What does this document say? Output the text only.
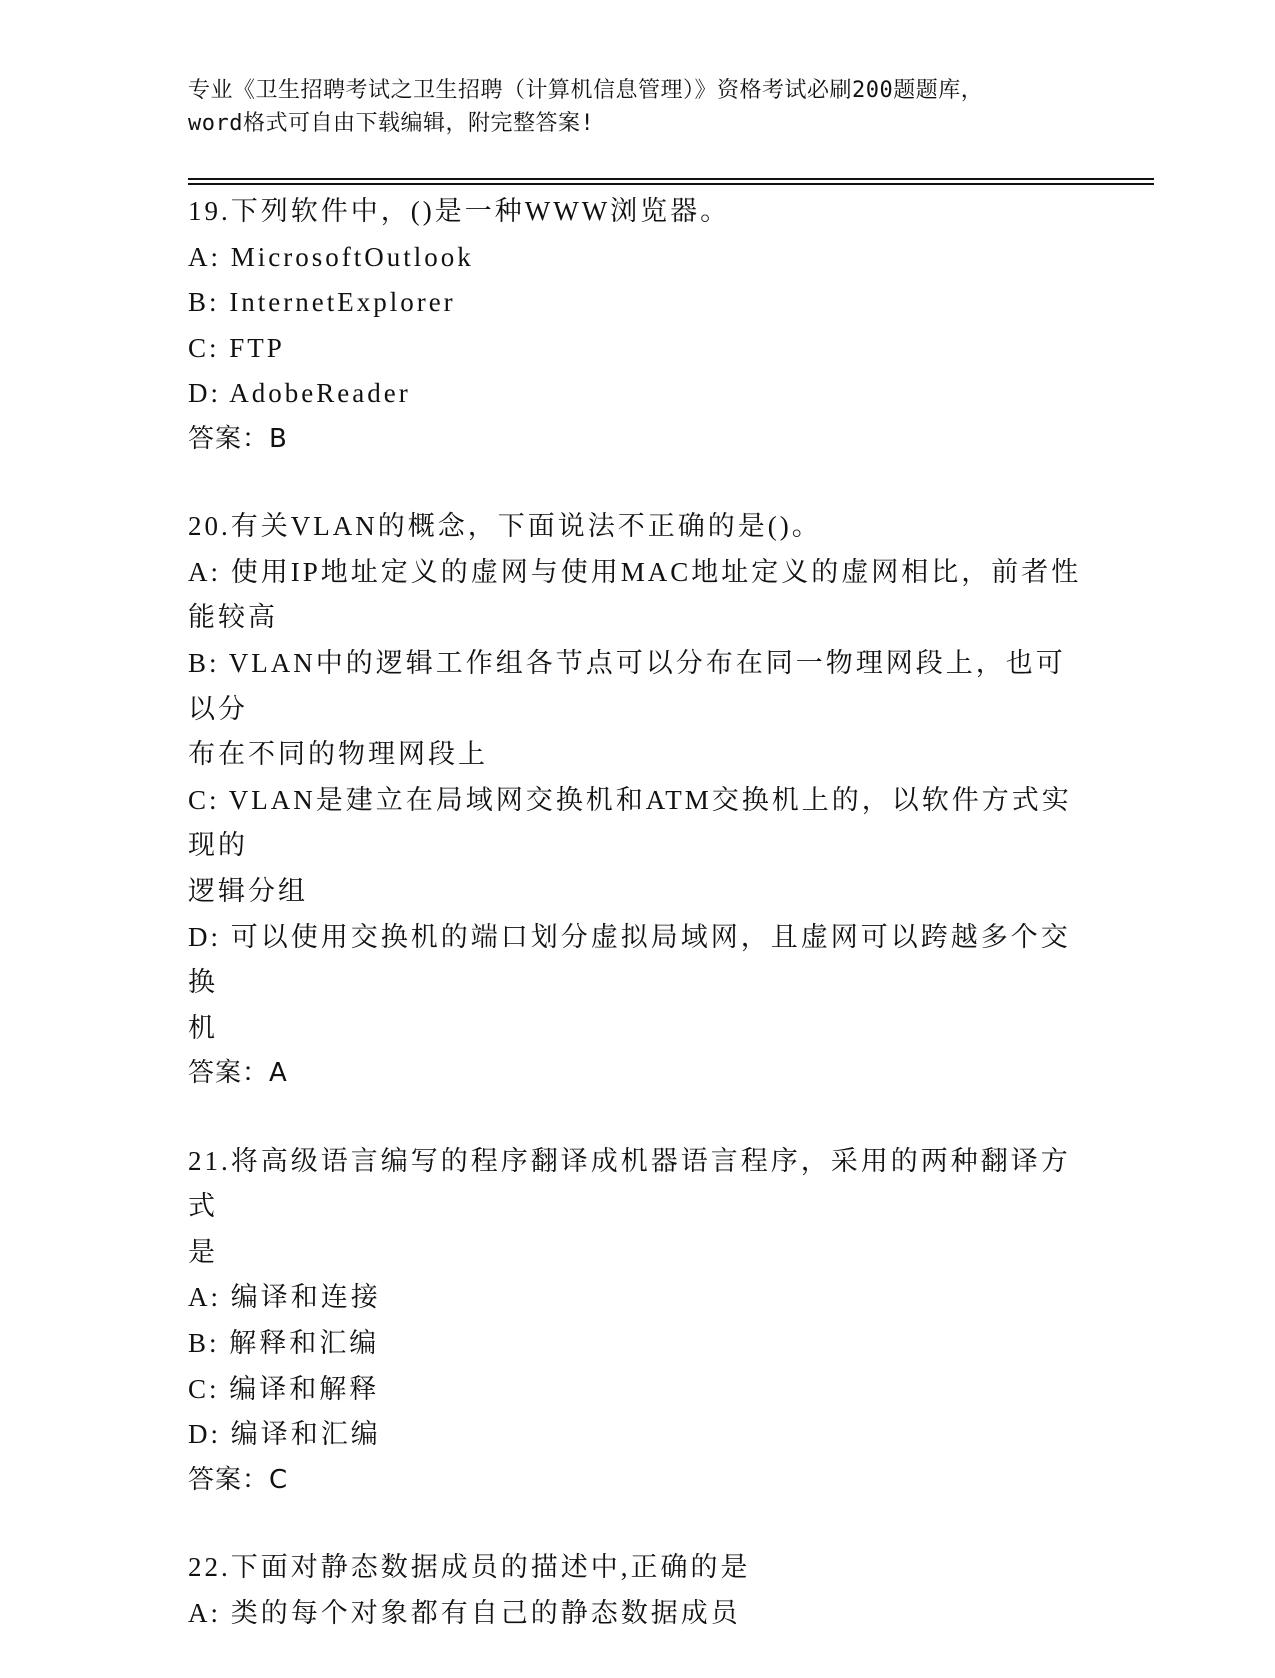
专业《卫生招聘考试之卫生招聘（计算机信息管理）》资格考试必刷200题题库，
word格式可自由下载编辑，附完整答案!
19.下列软件中，()是一种WWW浏览器。
A: MicrosoftOutlook
B: InternetExplorer
C: FTP
D: AdobeReader
答案：B
20.有关VLAN的概念，下面说法不正确的是()。
A: 使用IP地址定义的虚网与使用MAC地址定义的虚网相比，前者性
能较高
B: VLAN中的逻辑工作组各节点可以分布在同一物理网段上，也可以分
布在不同的物理网段上
C: VLAN是建立在局域网交换机和ATM交换机上的，以软件方式实现的
逻辑分组
D: 可以使用交换机的端口划分虚拟局域网，且虚网可以跨越多个交换
机
答案：A
21.将高级语言编写的程序翻译成机器语言程序，采用的两种翻译方式
是
A: 编译和连接
B: 解释和汇编
C: 编译和解释
D: 编译和汇编
答案：C
22.下面对静态数据成员的描述中,正确的是
A: 类的每个对象都有自己的静态数据成员
